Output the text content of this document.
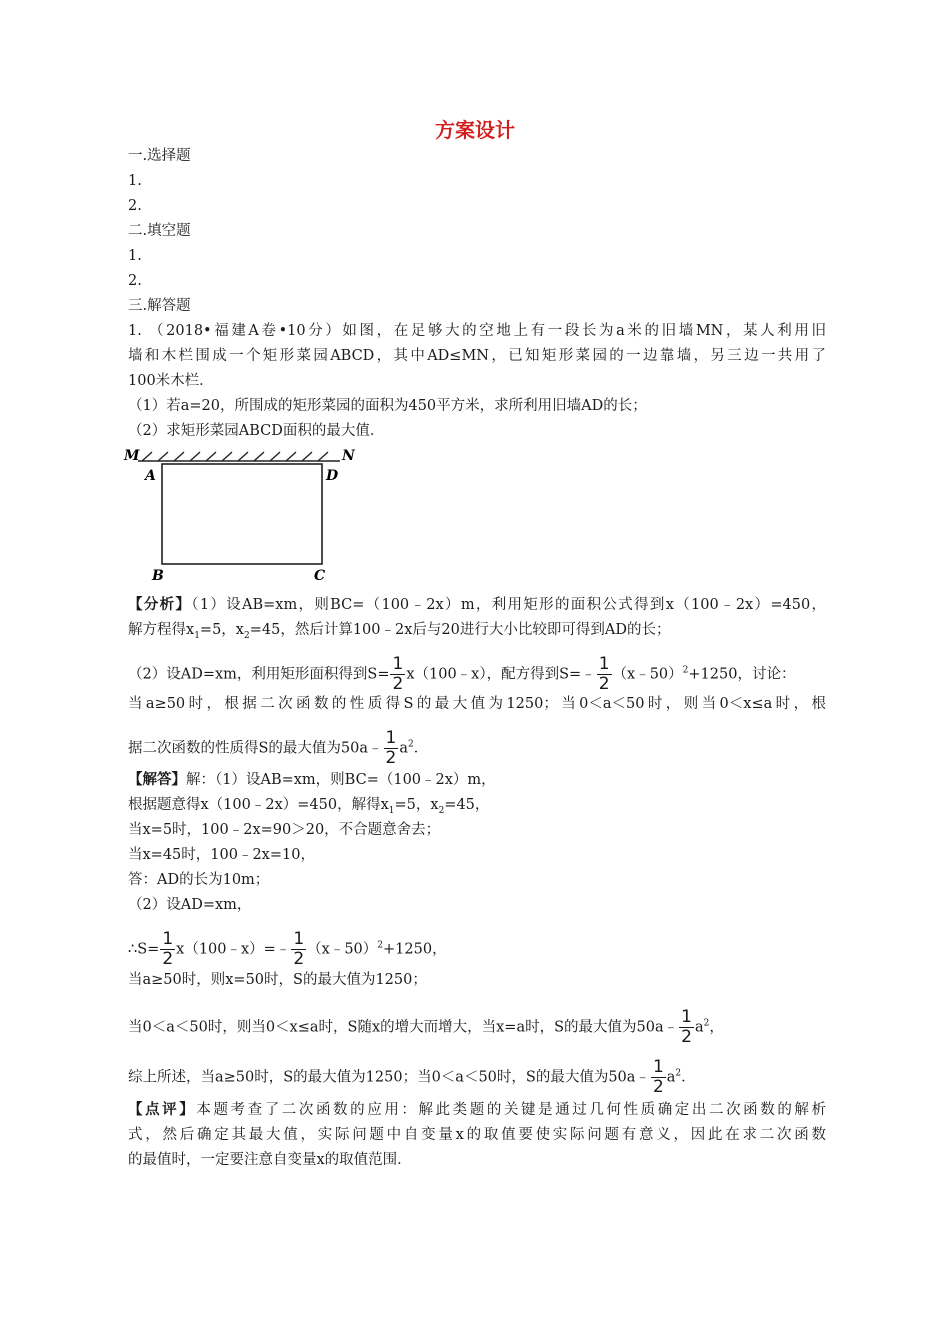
方案设计
一.选择题
1.
2.
二.填空题
1.
2.
三.解答题
1. （2018•福建A卷•10分）如图，在足够大的空地上有一段长为a米的旧墙MN，某人利用旧
墙和木栏围成一个矩形菜园ABCD，其中AD≤MN，已知矩形菜园的一边靠墙，另三边一共用了
100米木栏．
（1）若a=20，所围成的矩形菜园的面积为450平方米，求所利用旧墙AD的长；
（2）求矩形菜园ABCD面积的最大值．
M
A	D
N
B	C
【分析】（1）设AB=xm，则BC=（100﹣2x）m，利用矩形的面积公式得到x（100﹣2x）=450，
解方程得$x_1=5$，$x_2=45$，然后计算100﹣2x后与20进行大小比较即可得到AD的长；
（2）设AD=xm，利用矩形面积得到$S= \frac{1}{2}$ x（100﹣x），配方得到S=﹣ $\frac{1}{2}$ （x﹣50）$^2$+1250，讨论：
当a≥50时，根据二次函数的性质得S的最大值为1250；当0＜a＜50时，则当0＜x≤a时，根
据二次函数的性质得S的最大值为50a﹣ $\frac{1}{2} a^2$．
【解答】解：（1）设AB=xm，则BC=（100﹣2x）m，
根据题意得x（100﹣2x）=450，解得$x_1=5$，$x_2=45$，
当x=5时，100﹣2x=90＞20，不合题意舍去；
当x=45时，100﹣2x=10，
答：AD的长为10m；
（2）设AD=xm，
∴S= $\frac{1}{2}$ x（100﹣x）=﹣ $\frac{1}{2}$ （x﹣50）$^2$+1250，
当a≥50时，则x=50时，S的最大值为1250；
当0＜a＜50时，则当0＜x≤a时，S随x的增大而增大，当x=a时，S的最大值为50a﹣ $\frac{1}{2} a^2$，
综上所述，当a≥50时，S的最大值为1250；当0＜a＜50时，S的最大值为50a﹣ $\frac{1}{2} a^2$．
【点评】本题考查了二次函数的应用：解此类题的关键是通过几何性质确定出二次函数的解析
式，然后确定其最大值，实际问题中自变量x的取值要使实际问题有意义，因此在求二次函数
的最值时，一定要注意自变量x的取值范围．
